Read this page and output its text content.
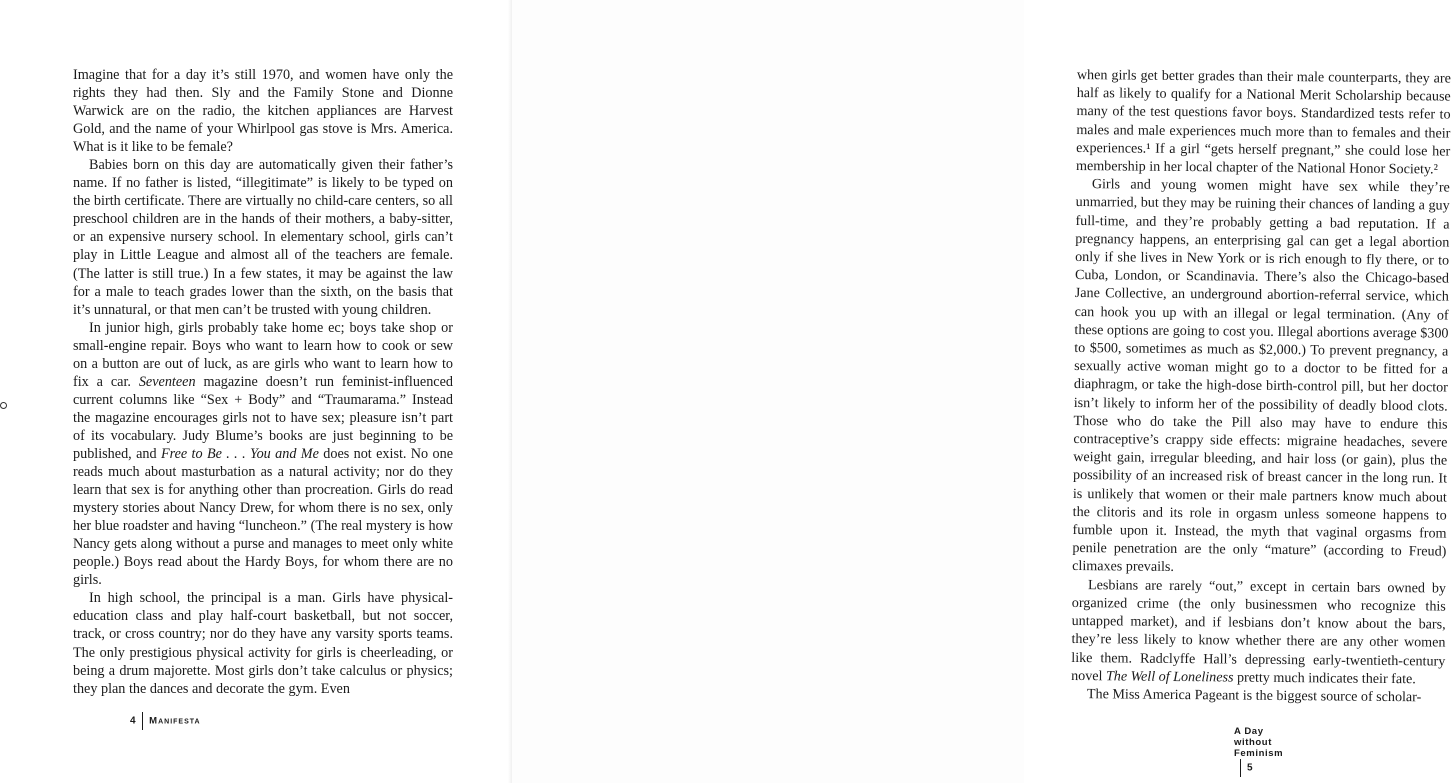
Imagine that for a day it’s still 1970, and women have only the rights they had then. Sly and the Family Stone and Dionne Warwick are on the radio, the kitchen appliances are Harvest Gold, and the name of your Whirlpool gas stove is Mrs. America. What is it like to be female?

Babies born on this day are automatically given their father’s name. If no father is listed, “illegitimate” is likely to be typed on the birth certificate. There are virtually no child-care centers, so all preschool children are in the hands of their mothers, a baby-sitter, or an expensive nursery school. In elementary school, girls can’t play in Little League and almost all of the teachers are female. (The latter is still true.) In a few states, it may be against the law for a male to teach grades lower than the sixth, on the basis that it’s unnatural, or that men can’t be trusted with young children.

In junior high, girls probably take home ec; boys take shop or small-engine repair. Boys who want to learn how to cook or sew on a button are out of luck, as are girls who want to learn how to fix a car. Seventeen magazine doesn’t run feminist-influenced current columns like “Sex + Body” and “Traumarama.” Instead the magazine encourages girls not to have sex; pleasure isn’t part of its vocabulary. Judy Blume’s books are just beginning to be published, and Free to Be . . . You and Me does not exist. No one reads much about masturbation as a natural activity; nor do they learn that sex is for anything other than procreation. Girls do read mystery stories about Nancy Drew, for whom there is no sex, only her blue roadster and having “luncheon.” (The real mystery is how Nancy gets along without a purse and manages to meet only white people.) Boys read about the Hardy Boys, for whom there are no girls.

In high school, the principal is a man. Girls have physical-education class and play half-court basketball, but not soccer, track, or cross country; nor do they have any varsity sports teams. The only prestigious physical activity for girls is cheerleading, or being a drum majorette. Most girls don’t take calculus or physics; they plan the dances and decorate the gym. Even

4 Manifesta

when girls get better grades than their male counterparts, they are half as likely to qualify for a National Merit Scholarship because many of the test questions favor boys. Standardized tests refer to males and male experiences much more than to females and their experiences.¹ If a girl “gets herself pregnant,” she could lose her membership in her local chapter of the National Honor Society.²

Girls and young women might have sex while they’re unmarried, but they may be ruining their chances of landing a guy full-time, and they’re probably getting a bad reputation. If a pregnancy happens, an enterprising gal can get a legal abortion only if she lives in New York or is rich enough to fly there, or to Cuba, London, or Scandinavia. There’s also the Chicago-based Jane Collective, an underground abortion-referral service, which can hook you up with an illegal or legal termination. (Any of these options are going to cost you. Illegal abortions average $300 to $500, sometimes as much as $2,000.) To prevent pregnancy, a sexually active woman might go to a doctor to be fitted for a diaphragm, or take the high-dose birth-control pill, but her doctor isn’t likely to inform her of the possibility of deadly blood clots. Those who do take the Pill also may have to endure this contraceptive’s crappy side effects: migraine headaches, severe weight gain, irregular bleeding, and hair loss (or gain), plus the possibility of an increased risk of breast cancer in the long run. It is unlikely that women or their male partners know much about the clitoris and its role in orgasm unless someone happens to fumble upon it. Instead, the myth that vaginal orgasms from penile penetration are the only “mature” (according to Freud) climaxes prevails.

Lesbians are rarely “out,” except in certain bars owned by organized crime (the only businessmen who recognize this untapped market), and if lesbians don’t know about the bars, they’re less likely to know whether there are any other women like them. Radclyffe Hall’s depressing early-twentieth-century novel The Well of Loneliness pretty much indicates their fate.

The Miss America Pageant is the biggest source of scholar-

A Day without Feminism5
